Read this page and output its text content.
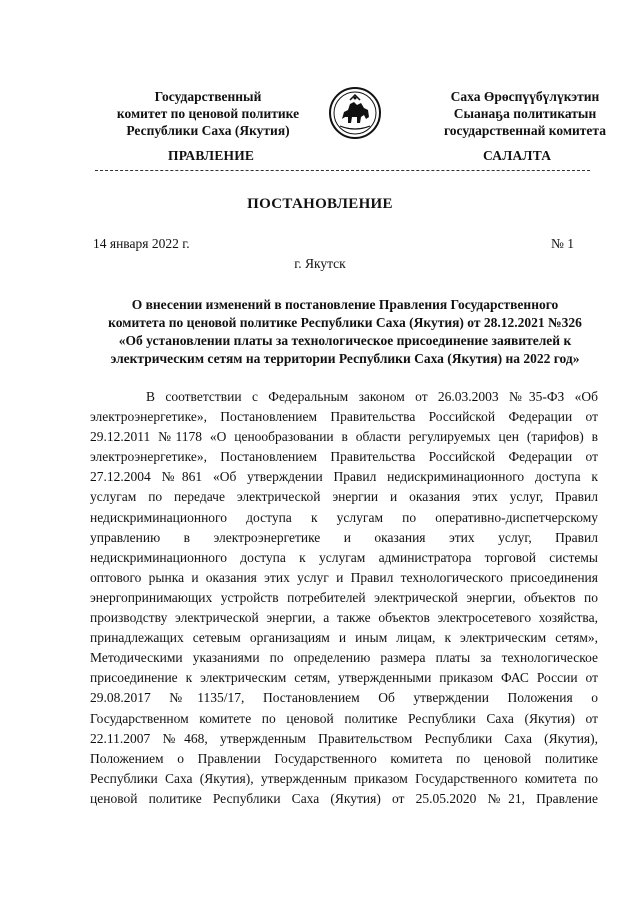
Государственный
комитет по ценовой политике
Республики Саха (Якутия)
Саха Өрөспүүбүлүкэтин
Сыанаҕа политикатын
государственнай комитета
ПРАВЛЕНИЕ	САЛАЛТА
ПОСТАНОВЛЕНИЕ
14 января 2022 г.	№ 1
г. Якутск
О внесении изменений в постановление Правления Государственного
комитета по ценовой политике Республики Саха (Якутия) от 28.12.2021 №326
«Об установлении платы за технологическое присоединение заявителей к
электрическим сетям на территории Республики Саха (Якутия) на 2022 год»
В соответствии с Федеральным законом от 26.03.2003 №35-ФЗ «Об
электроэнергетике», Постановлением Правительства Российской Федерации от
29.12.2011 №1178 «О ценообразовании в области регулируемых цен (тарифов) в
электроэнергетике», Постановлением Правительства Российской Федерации от
27.12.2004 №861 «Об утверждении Правил недискриминационного доступа к
услугам по передаче электрической энергии и оказания этих услуг, Правил
недискриминационного доступа к услугам по оперативно-диспетчерскому
управлению в электроэнергетике и оказания этих услуг, Правил
недискриминационного доступа к услугам администратора торговой системы
оптового рынка и оказания этих услуг и Правил технологического присоединения
энергопринимающих устройств потребителей электрической энергии, объектов по
производству электрической энергии, а также объектов электросетевого хозяйства,
принадлежащих сетевым организациям и иным лицам, к электрическим сетям»,
Методическими указаниями по определению размера платы за технологическое
присоединение к электрическим сетям, утвержденными приказом ФАС России от
29.08.2017 №1135/17, Постановлением Об утверждении Положения о
Государственном комитете по ценовой политике Республики Саха (Якутия) от
22.11.2007 №468, утвержденным Правительством Республики Саха (Якутия),
Положением о Правлении Государственного комитета по ценовой политике
Республики Саха (Якутия), утвержденным приказом Государственного комитета по
ценовой политике Республики Саха (Якутия) от 25.05.2020 №21, Правление
